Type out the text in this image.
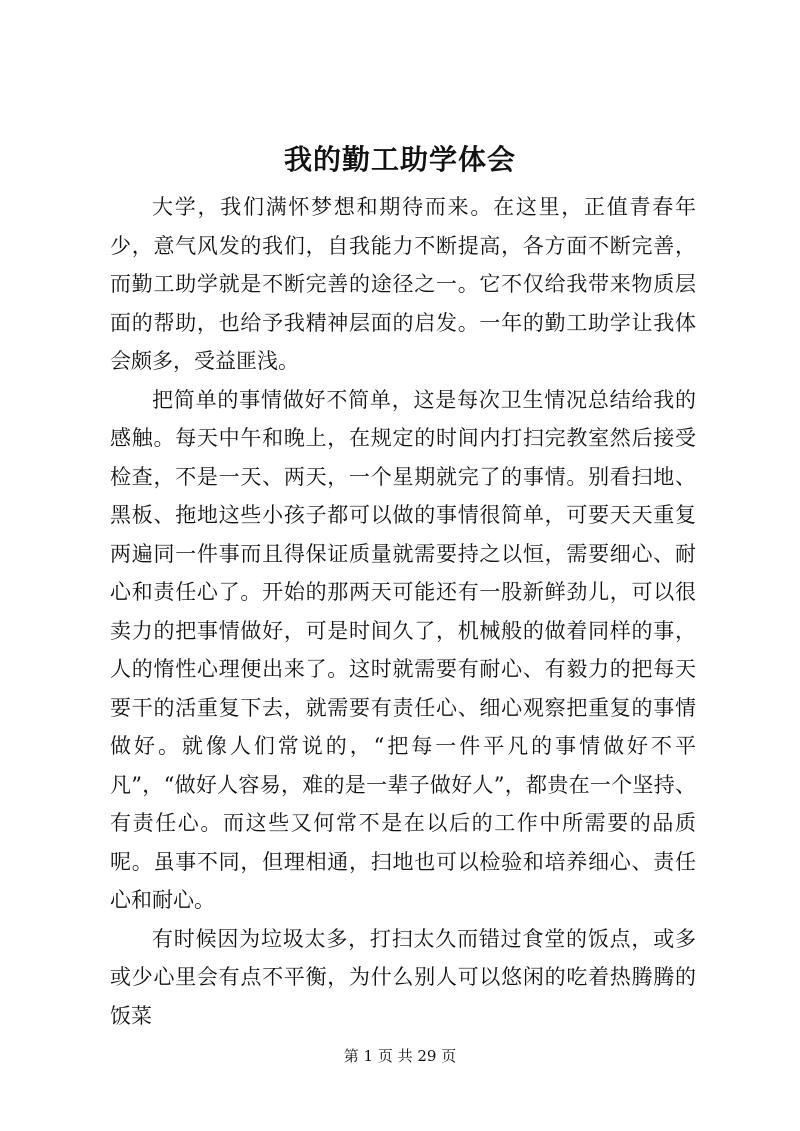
我的勤工助学体会

大学，我们满怀梦想和期待而来。在这里，正值青春年少，意气风发的我们，自我能力不断提高，各方面不断完善，而勤工助学就是不断完善的途径之一。它不仅给我带来物质层面的帮助，也给予我精神层面的启发。一年的勤工助学让我体会颇多，受益匪浅。

把简单的事情做好不简单，这是每次卫生情况总结给我的感触。每天中午和晚上，在规定的时间内打扫完教室然后接受检查，不是一天、两天，一个星期就完了的事情。别看扫地、黑板、拖地这些小孩子都可以做的事情很简单，可要天天重复两遍同一件事而且得保证质量就需要持之以恒，需要细心、耐心和责任心了。开始的那两天可能还有一股新鲜劲儿，可以很卖力的把事情做好，可是时间久了，机械般的做着同样的事，人的惰性心理便出来了。这时就需要有耐心、有毅力的把每天要干的活重复下去，就需要有责任心、细心观察把重复的事情做好。就像人们常说的，“把每一件平凡的事情做好不平凡”，“做好人容易，难的是一辈子做好人”，都贵在一个坚持、有责任心。而这些又何常不是在以后的工作中所需要的品质呢。虽事不同，但理相通，扫地也可以检验和培养细心、责任心和耐心。

有时候因为垃圾太多，打扫太久而错过食堂的饭点，或多或少心里会有点不平衡，为什么别人可以悠闲的吃着热腾腾的饭菜

第 1 页 共 29 页
